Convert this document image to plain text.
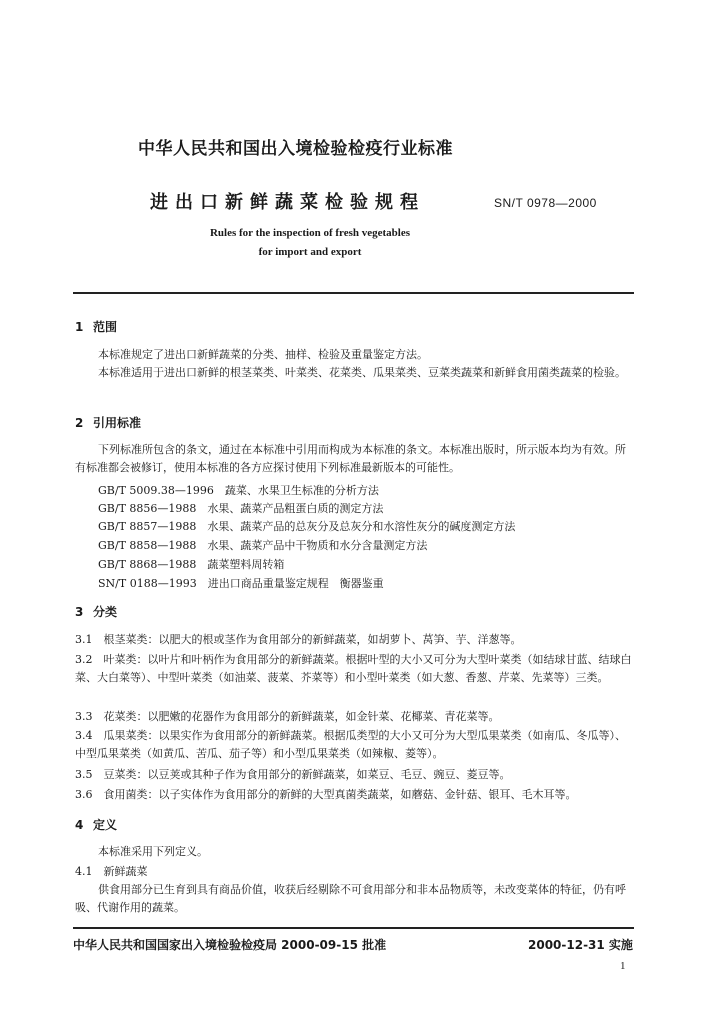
中华人民共和国出入境检验检疫行业标准
进出口新鲜蔬菜检验规程	SN/T 0978—2000
Rules for the inspection of fresh vegetables
for import and export
1 范围
本标准规定了进出口新鲜蔬菜的分类、抽样、检验及重量鉴定方法。
本标准适用于进出口新鲜的根茎菜类、叶菜类、花菜类、瓜果菜类、豆菜类蔬菜和新鲜食用菌类蔬菜的检验。
2 引用标准
下列标准所包含的条文，通过在本标准中引用而构成为本标准的条文。本标准出版时，所示版本均为有效。所有标准都会被修订，使用本标准的各方应探讨使用下列标准最新版本的可能性。
GB/T 5009.38—1996　蔬菜、水果卫生标准的分析方法
GB/T 8856—1988　水果、蔬菜产品粗蛋白质的测定方法
GB/T 8857—1988　水果、蔬菜产品的总灰分及总灰分和水溶性灰分的碱度测定方法
GB/T 8858—1988　水果、蔬菜产品中干物质和水分含量测定方法
GB/T 8868—1988　蔬菜塑料周转箱
SN/T 0188—1993　进出口商品重量鉴定规程　衡器鉴重
3 分类
3.1　根茎菜类：以肥大的根或茎作为食用部分的新鲜蔬菜，如胡萝卜、莴笋、芋、洋葱等。
3.2　叶菜类：以叶片和叶柄作为食用部分的新鲜蔬菜。根据叶型的大小又可分为大型叶菜类（如结球甘蓝、结球白菜、大白菜等）、中型叶菜类（如油菜、菠菜、芥菜等）和小型叶菜类（如大葱、香葱、芹菜、先菜等）三类。
3.3　花菜类：以肥嫩的花器作为食用部分的新鲜蔬菜，如金针菜、花椰菜、青花菜等。
3.4　瓜果菜类：以果实作为食用部分的新鲜蔬菜。根据瓜类型的大小又可分为大型瓜果菜类（如南瓜、冬瓜等）、中型瓜果菜类（如黄瓜、苦瓜、茄子等）和小型瓜果菜类（如辣椒、菱等）。
3.5　豆菜类：以豆荚或其种子作为食用部分的新鲜蔬菜，如菜豆、毛豆、豌豆、菱豆等。
3.6　食用菌类：以子实体作为食用部分的新鲜的大型真菌类蔬菜，如蘑菇、金针菇、银耳、毛木耳等。
4 定义
本标准采用下列定义。
4.1　 新鲜蔬菜
供食用部分已生育到具有商品价值，收获后经剔除不可食用部分和非本品物质等，未改变菜体的特征，仍有呼吸、代谢作用的蔬菜。
中华人民共和国国家出入境检验检疫局 2000-09-15 批准	2000-12-31 实施
1
